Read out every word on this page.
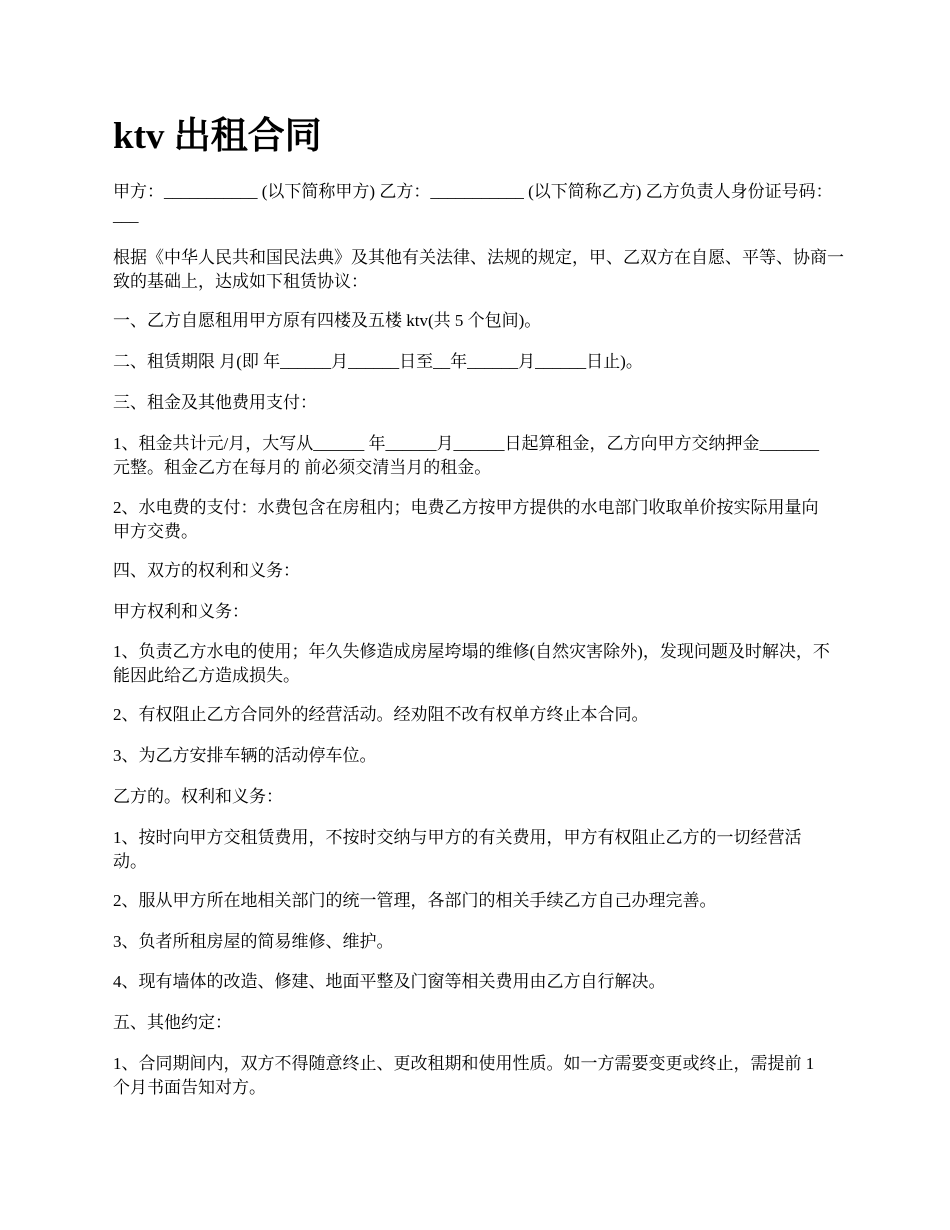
ktv 出租合同

甲方：___________ (以下简称甲方) 乙方：___________ (以下简称乙方) 乙方负责人身份证号码：___

根据《中华人民共和国民法典》及其他有关法律、法规的规定，甲、乙双方在自愿、平等、协商一致的基础上，达成如下租赁协议：

一、乙方自愿租用甲方原有四楼及五楼 ktv(共 5 个包间)。

二、租赁期限 月(即 年______月______日至__年______月______日止)。

三、租金及其他费用支付：

1、租金共计元/月，大写从______ 年______月______日起算租金，乙方向甲方交纳押金_______元整。租金乙方在每月的 前必须交清当月的租金。

2、水电费的支付：水费包含在房租内；电费乙方按甲方提供的水电部门收取单价按实际用量向甲方交费。

四、双方的权利和义务：

甲方权利和义务：

1、负责乙方水电的使用；年久失修造成房屋垮塌的维修(自然灾害除外)，发现问题及时解决，不能因此给乙方造成损失。

2、有权阻止乙方合同外的经营活动。经劝阻不改有权单方终止本合同。

3、为乙方安排车辆的活动停车位。

乙方的。权利和义务：

1、按时向甲方交租赁费用，不按时交纳与甲方的有关费用，甲方有权阻止乙方的一切经营活动。

2、服从甲方所在地相关部门的统一管理，各部门的相关手续乙方自己办理完善。

3、负者所租房屋的简易维修、维护。

4、现有墙体的改造、修建、地面平整及门窗等相关费用由乙方自行解决。

五、其他约定：

1、合同期间内，双方不得随意终止、更改租期和使用性质。如一方需要变更或终止，需提前 1 个月书面告知对方。
